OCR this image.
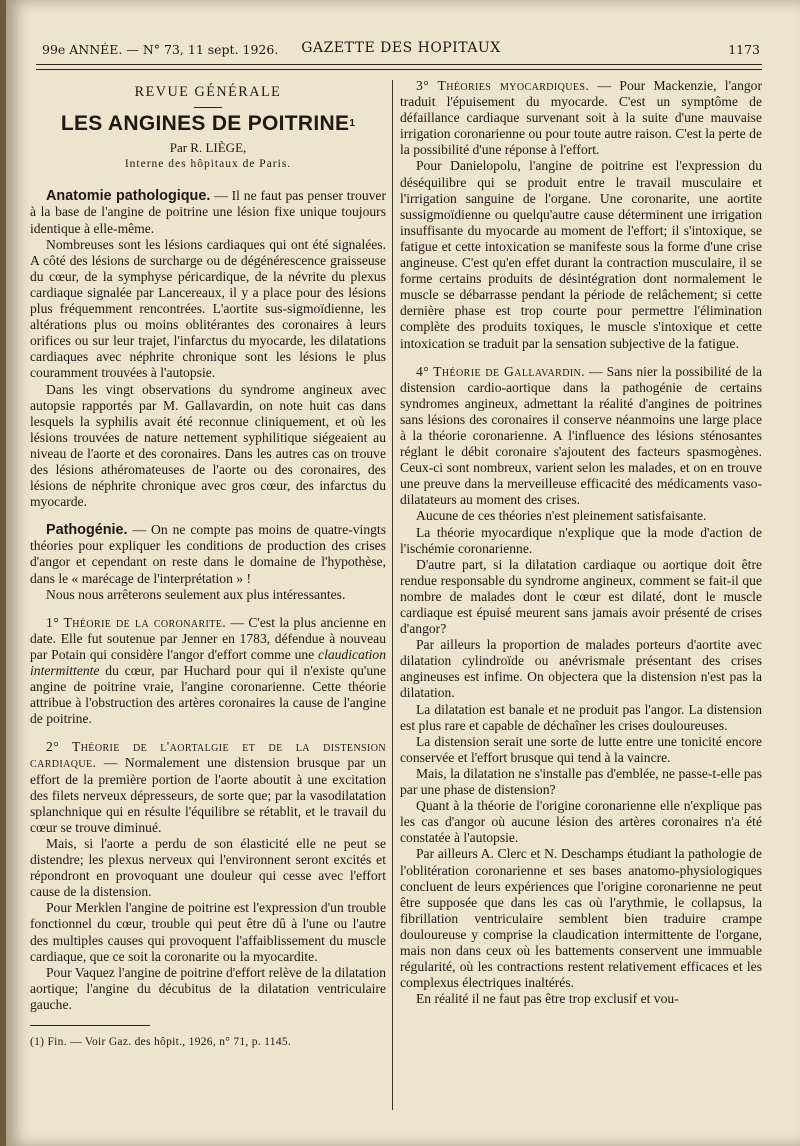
99e ANNÉE. — N° 73, 11 sept. 1926.	GAZETTE DES HOPITAUX	1173
REVUE GÉNÉRALE
LES ANGINES DE POITRINE$^1$
Par R. LIÈGE,
Interne des hôpitaux de Paris.

Anatomie pathologique. — Il ne faut pas penser trouver à la base de l'angine de poitrine une lésion fixe unique toujours identique à elle-même.

Nombreuses sont les lésions cardiaques qui ont été signalées. A côté des lésions de surcharge ou de dégénérescence graisseuse du cœur, de la symphyse péricardique, de la névrite du plexus cardiaque signalée par Lancereaux, il y a place pour des lésions plus fréquemment rencontrées. L'aortite sus-sigmoïdienne, les altérations plus ou moins oblitérantes des coronaires à leurs orifices ou sur leur trajet, l'infarctus du myocarde, les dilatations cardiaques avec néphrite chronique sont les lésions le plus couramment trouvées à l'autopsie.

Dans les vingt observations du syndrome angineux avec autopsie rapportés par M. Gallavardin, on note huit cas dans lesquels la syphilis avait été reconnue cliniquement, et où les lésions trouvées de nature nettement syphilitique siégeaient au niveau de l'aorte et des coronaires. Dans les autres cas on trouve des lésions athéromateuses de l'aorte ou des coronaires, des lésions de néphrite chronique avec gros cœur, des infarctus du myocarde.

Pathogénie. — On ne compte pas moins de quatre-vingts théories pour expliquer les conditions de production des crises d'angor et cependant on reste dans le domaine de l'hypothèse, dans le « marécage de l'interprétation » !

Nous nous arrêterons seulement aux plus intéressantes.

1° Théorie de la coronarite. — C'est la plus ancienne en date. Elle fut soutenue par Jenner en 1783, défendue à nouveau par Potain qui considère l'angor d'effort comme une claudication intermittente du cœur, par Huchard pour qui il n'existe qu'une angine de poitrine vraie, l'angine coronarienne. Cette théorie attribue à l'obstruction des artères coronaires la cause de l'angine de poitrine.

2° Théorie de l'aortalgie et de la distension cardiaque. — Normalement une distension brusque par un effort de la première portion de l'aorte aboutit à une excitation des filets nerveux dépresseurs, de sorte que; par la vasodilatation splanchnique qui en résulte l'équilibre se rétablit, et le travail du cœur se trouve diminué.

Mais, si l'aorte a perdu de son élasticité elle ne peut se distendre; les plexus nerveux qui l'environnent seront excités et répondront en provoquant une douleur qui cesse avec l'effort cause de la distension.

Pour Merklen l'angine de poitrine est l'expression d'un trouble fonctionnel du cœur, trouble qui peut être dû à l'une ou l'autre des multiples causes qui provoquent l'affaiblissement du muscle cardiaque, que ce soit la coronarite ou la myocardite.

Pour Vaquez l'angine de poitrine d'effort relève de la dilatation aortique; l'angine du décubitus de la dilatation ventriculaire gauche.

(1) Fin. — Voir Gaz. des hôpit., 1926, n° 71, p. 1145.

3° Théories myocardiques. — Pour Mackenzie, l'angor traduit l'épuisement du myocarde. C'est un symptôme de défaillance cardiaque survenant soit à la suite d'une mauvaise irrigation coronarienne ou pour toute autre raison. C'est la perte de la possibilité d'une réponse à l'effort.

Pour Danielopolu, l'angine de poitrine est l'expression du déséquilibre qui se produit entre le travail musculaire et l'irrigation sanguine de l'organe. Une coronarite, une aortite sussigmoïdienne ou quelqu'autre cause déterminent une irrigation insuffisante du myocarde au moment de l'effort; il s'intoxique, se fatigue et cette intoxication se manifeste sous la forme d'une crise angineuse. C'est qu'en effet durant la contraction musculaire, il se forme certains produits de désintégration dont normalement le muscle se débarrasse pendant la période de relâchement; si cette dernière phase est trop courte pour permettre l'élimination complète des produits toxiques, le muscle s'intoxique et cette intoxication se traduit par la sensation subjective de la fatigue.

4° Théorie de Gallavardin. — Sans nier la possibilité de la distension cardio-aortique dans la pathogénie de certains syndromes angineux, admettant la réalité d'angines de poitrines sans lésions des coronaires il conserve néanmoins une large place à la théorie coronarienne. A l'influence des lésions sténosantes réglant le débit coronaire s'ajoutent des facteurs spasmogènes. Ceux-ci sont nombreux, varient selon les malades, et on en trouve une preuve dans la merveilleuse efficacité des médicaments vaso-dilatateurs au moment des crises.

Aucune de ces théories n'est pleinement satisfaisante.

La théorie myocardique n'explique que la mode d'action de l'ischémie coronarienne.

D'autre part, si la dilatation cardiaque ou aortique doit être rendue responsable du syndrome angineux, comment se fait-il que nombre de malades dont le cœur est dilaté, dont le muscle cardiaque est épuisé meurent sans jamais avoir présenté de crises d'angor?

Par ailleurs la proportion de malades porteurs d'aortite avec dilatation cylindroïde ou anévrismale présentant des crises angineuses est infime. On objectera que la distension n'est pas la dilatation.

La dilatation est banale et ne produit pas l'angor. La distension est plus rare et capable de déchaîner les crises douloureuses.

La distension serait une sorte de lutte entre une tonicité encore conservée et l'effort brusque qui tend à la vaincre.

Mais, la dilatation ne s'installe pas d'emblée, ne passe-t-elle pas par une phase de distension?

Quant à la théorie de l'origine coronarienne elle n'explique pas les cas d'angor où aucune lésion des artères coronaires n'a été constatée à l'autopsie.

Par ailleurs A. Clerc et N. Deschamps étudiant la pathologie de l'oblitération coronarienne et ses bases anatomo-physiologiques concluent de leurs expériences que l'origine coronarienne ne peut être supposée que dans les cas où l'arythmie, le collapsus, la fibrillation ventriculaire semblent bien traduire crampe douloureuse y comprise la claudication intermittente de l'organe, mais non dans ceux où les battements conservent une immuable régularité, où les contractions restent relativement efficaces et les complexus électriques inaltérés.

En réalité il ne faut pas être trop exclusif et vou-
